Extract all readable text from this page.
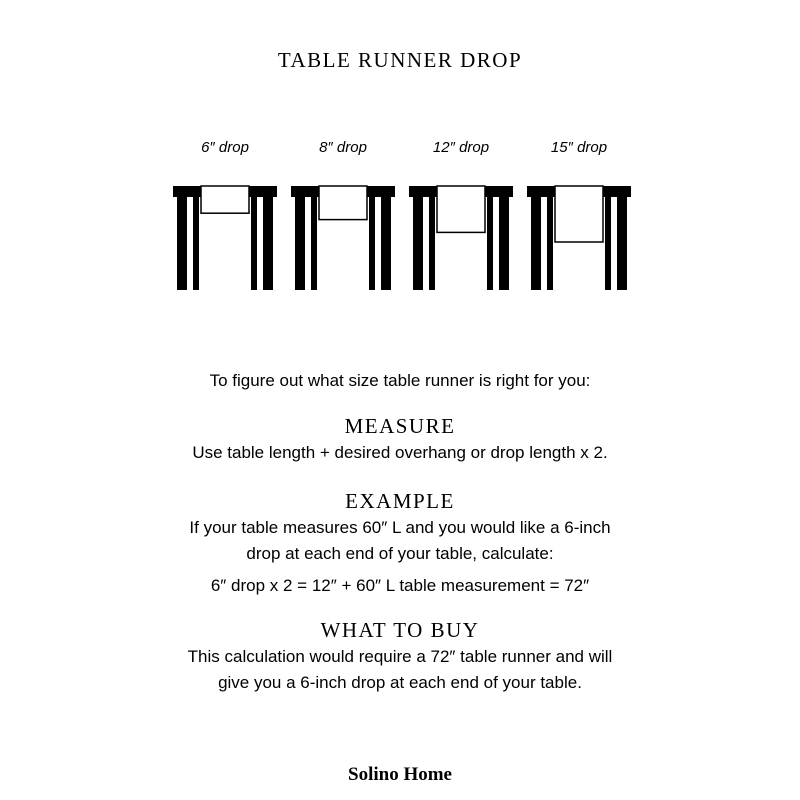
TABLE RUNNER DROP
6″ drop	8″ drop	12″ drop	15″ drop
To figure out what size table runner is right for you:
MEASURE
Use table length + desired overhang or drop length x 2.
EXAMPLE
If your table measures 60″ L and you would like a 6-inch
drop at each end of your table, calculate:
6″ drop x 2 = 12″ + 60″ L table measurement = 72″
WHAT TO BUY
This calculation would require a 72″ table runner and will
give you a 6-inch drop at each end of your table.
Solino Home
